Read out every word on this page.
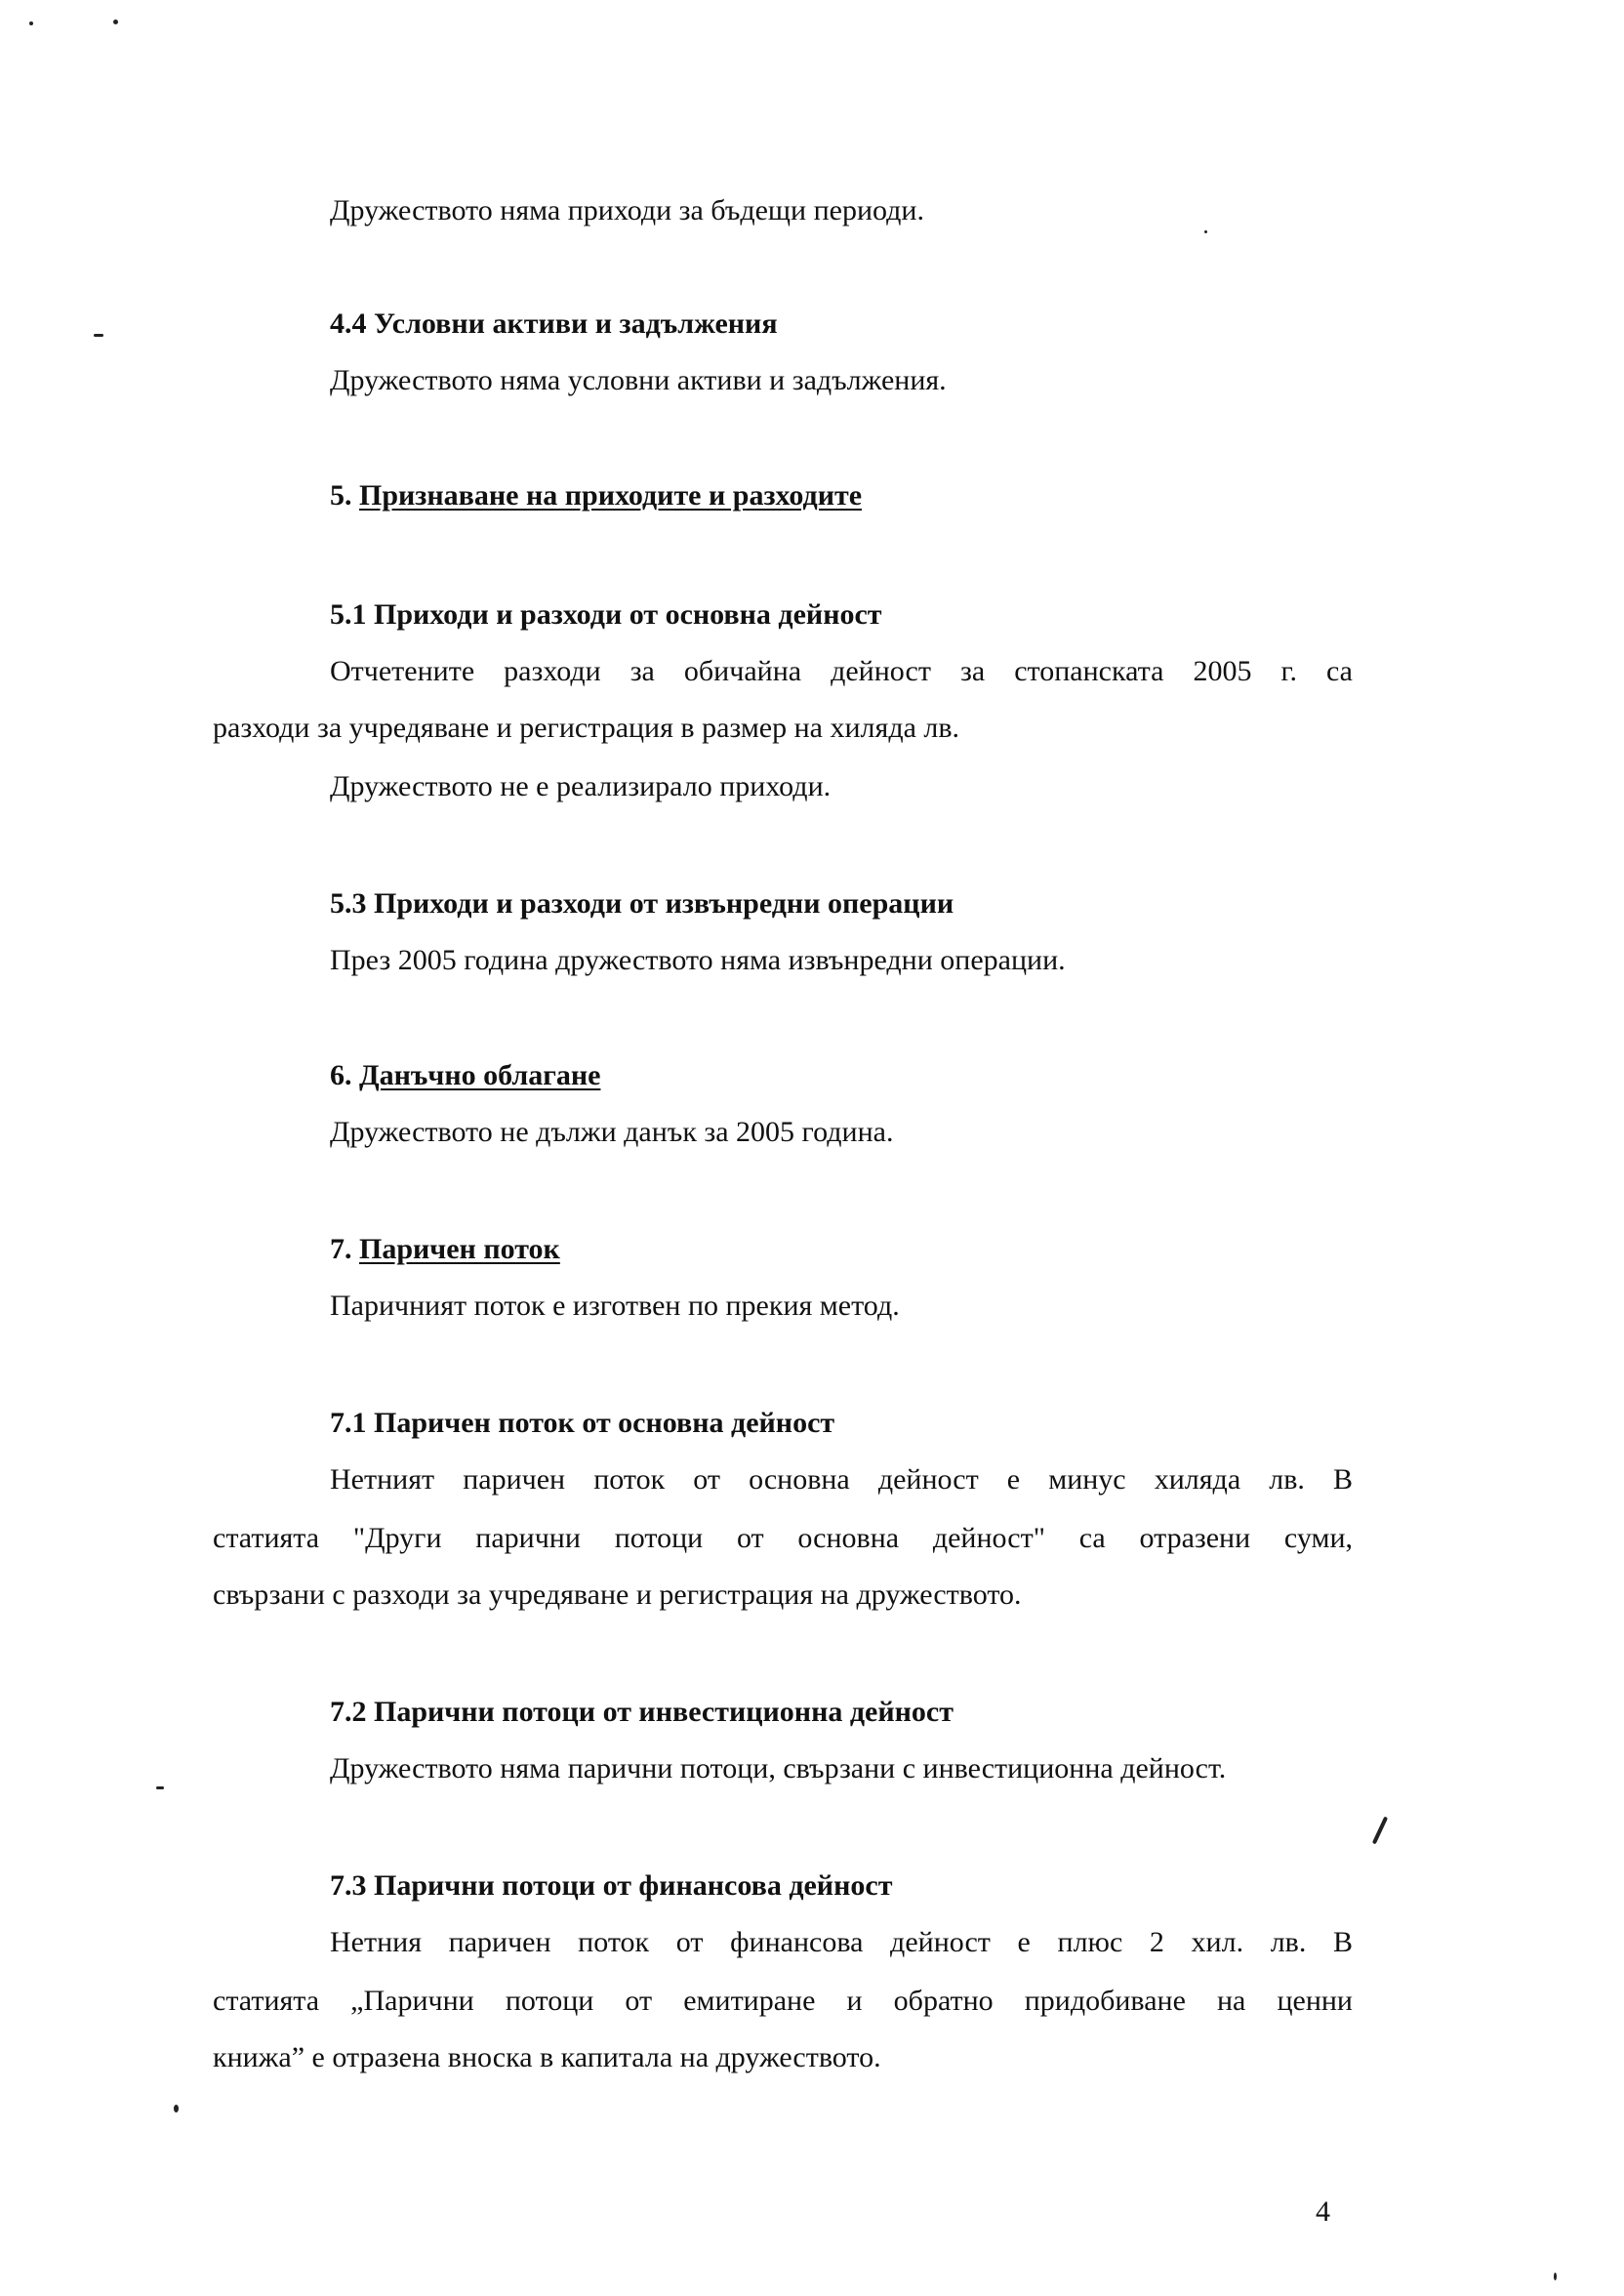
Дружеството няма приходи за бъдещи периоди.
4.4 Условни активи и задължения
Дружеството няма условни активи и задължения.
5. Признаване на приходите и разходите
5.1 Приходи и разходи от основна дейност
Отчетените разходи за обичайна дейност за стопанската 2005 г. са
разходи за учредяване и регистрация в размер на хиляда лв.
Дружеството не е реализирало приходи.
5.3 Приходи и разходи от извънредни операции
През 2005 година дружеството няма извънредни операции.
6. Данъчно облагане
Дружеството не дължи данък за 2005 година.
7. Паричен поток
Паричният поток е изготвен по прекия метод.
7.1 Паричен поток от основна дейност
Нетният паричен поток от основна дейност е минус хиляда лв. В
статията "Други парични потоци от основна дейност" са отразени суми,
свързани с разходи за учредяване и регистрация на дружеството.
7.2 Парични потоци от инвестиционна дейност
Дружеството няма парични потоци, свързани с инвестиционна дейност.
7.3 Парични потоци от финансова дейност
Нетния паричен поток от финансова дейност е плюс 2 хил. лв. В
статията „Парични потоци от емитиране и обратно придобиване на ценни
книжа” е отразена вноска в капитала на дружеството.
4
